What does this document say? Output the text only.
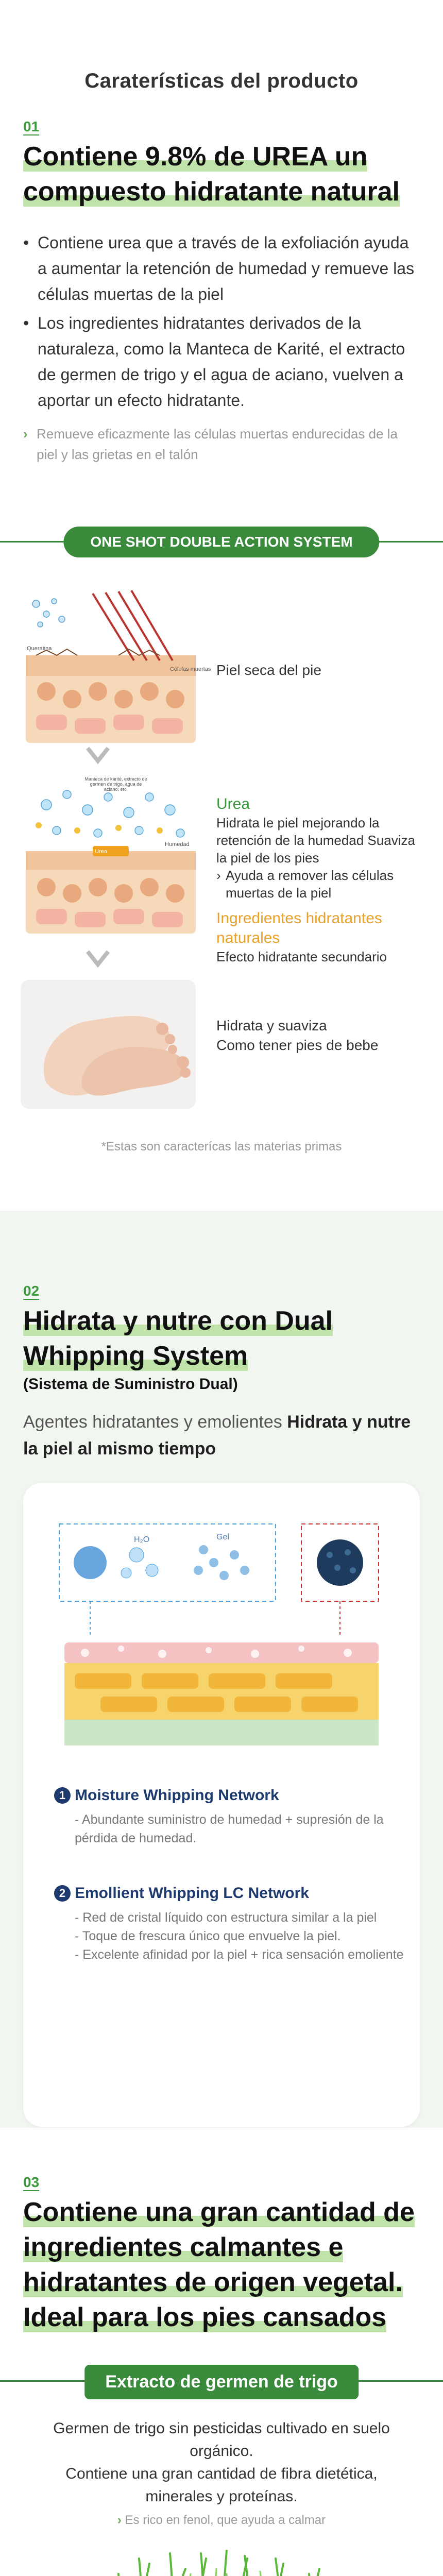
Caraterísticas del producto
01
Contiene 9.8% de UREA un
compuesto hidratante natural
• Contiene urea que a través de la exfoliación ayuda a aumentar la retención de humedad y remueve las células muertas de la piel
• Los ingredientes hidratantes derivados de la naturaleza, como la Manteca de Karité, el extracto de germen de trigo y el agua de aciano, vuelven a aportar un efecto hidratante.

› Remueve eficazmente las células muertas endurecidas de la piel y las grietas en el talón

ONE SHOT DOUBLE ACTION SYSTEM
Queratina
Células muertas Piel seca del pie
Urea
Humedad
Manteca de karité, extracto de germen de trigo, agua de aciano, etc.
Urea
Hidrata le piel mejorando la
retención de la humedad Suaviza
la piel de los pies
› Ayuda a remover las células muertas de la piel
Ingredientes hidratantes naturales
Efecto hidratante secundario
Hidrata y suaviza
Como tener pies de bebe
*Estas son caracterícas las materias primas
02
Hidrata y nutre con Dual
Whipping System
(Sistema de Suministro Dual)

Agentes hidratantes y emolientes Hidrata y nutre la piel al mismo tiempo

H₂O	Gel
1 Moisture Whipping Network

- Abundante suministro de humedad + supresión de la pérdida de humedad.

2 Emollient Whipping LC Network

- Red de cristal líquido con estructura similar a la piel

- Toque de frescura único que envuelve la piel.

- Excelente afinidad por la piel + rica sensación emoliente

03
Contiene una gran cantidad de
ingredientes calmantes e
hidratantes de origen vegetal.
Ideal para los pies cansados
Extracto de germen de trigo
Germen de trigo sin pesticidas cultivado en suelo orgánico.
Contiene una gran cantidad de fibra dietética,
minerales y proteínas.
› Es rico en fenol, que ayuda a calmar
